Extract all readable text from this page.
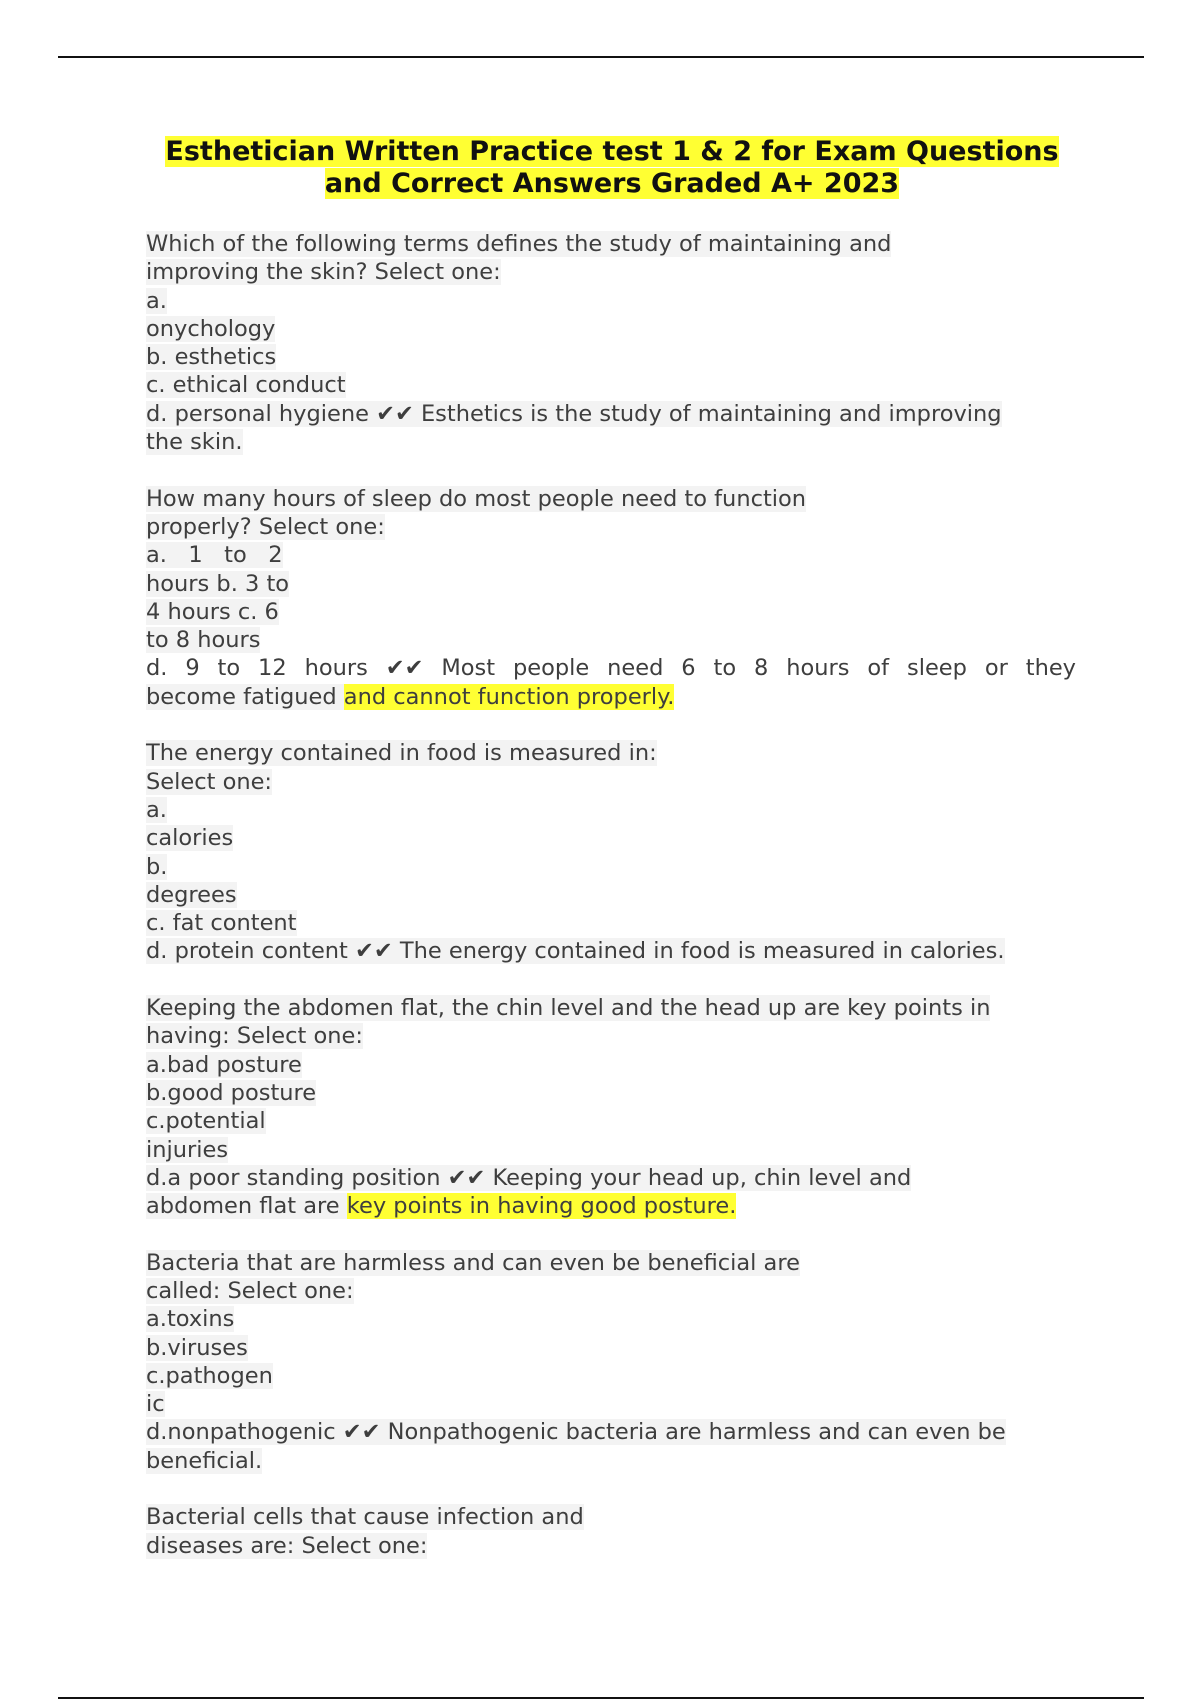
Esthetician Written Practice test 1 & 2 for Exam Questions
and Correct Answers Graded A+ 2023
Which of the following terms defines the study of maintaining and
improving the skin? Select one:
a.
onychology
b. esthetics
c. ethical conduct
d. personal hygiene ✔✔ Esthetics is the study of maintaining and improving
the skin.
How many hours of sleep do most people need to function
properly? Select one:
a.   1   to   2
hours b. 3 to
4 hours c. 6
to 8 hours
d. 9 to 12 hours ✔✔ Most people need 6 to 8 hours of sleep or they
become fatigued and cannot function properly.
The energy contained in food is measured in:
Select one:
a.
calories
b.
degrees
c. fat content
d. protein content ✔✔ The energy contained in food is measured in calories.
Keeping the abdomen flat, the chin level and the head up are key points in
having: Select one:
a.bad posture
b.good posture
c.potential
injuries
d.a poor standing position ✔✔ Keeping your head up, chin level and
abdomen flat are key points in having good posture.
Bacteria that are harmless and can even be beneficial are
called: Select one:
a.toxins
b.viruses
c.pathogen
ic
d.nonpathogenic ✔✔ Nonpathogenic bacteria are harmless and can even be
beneficial.
Bacterial cells that cause infection and
diseases are: Select one:
